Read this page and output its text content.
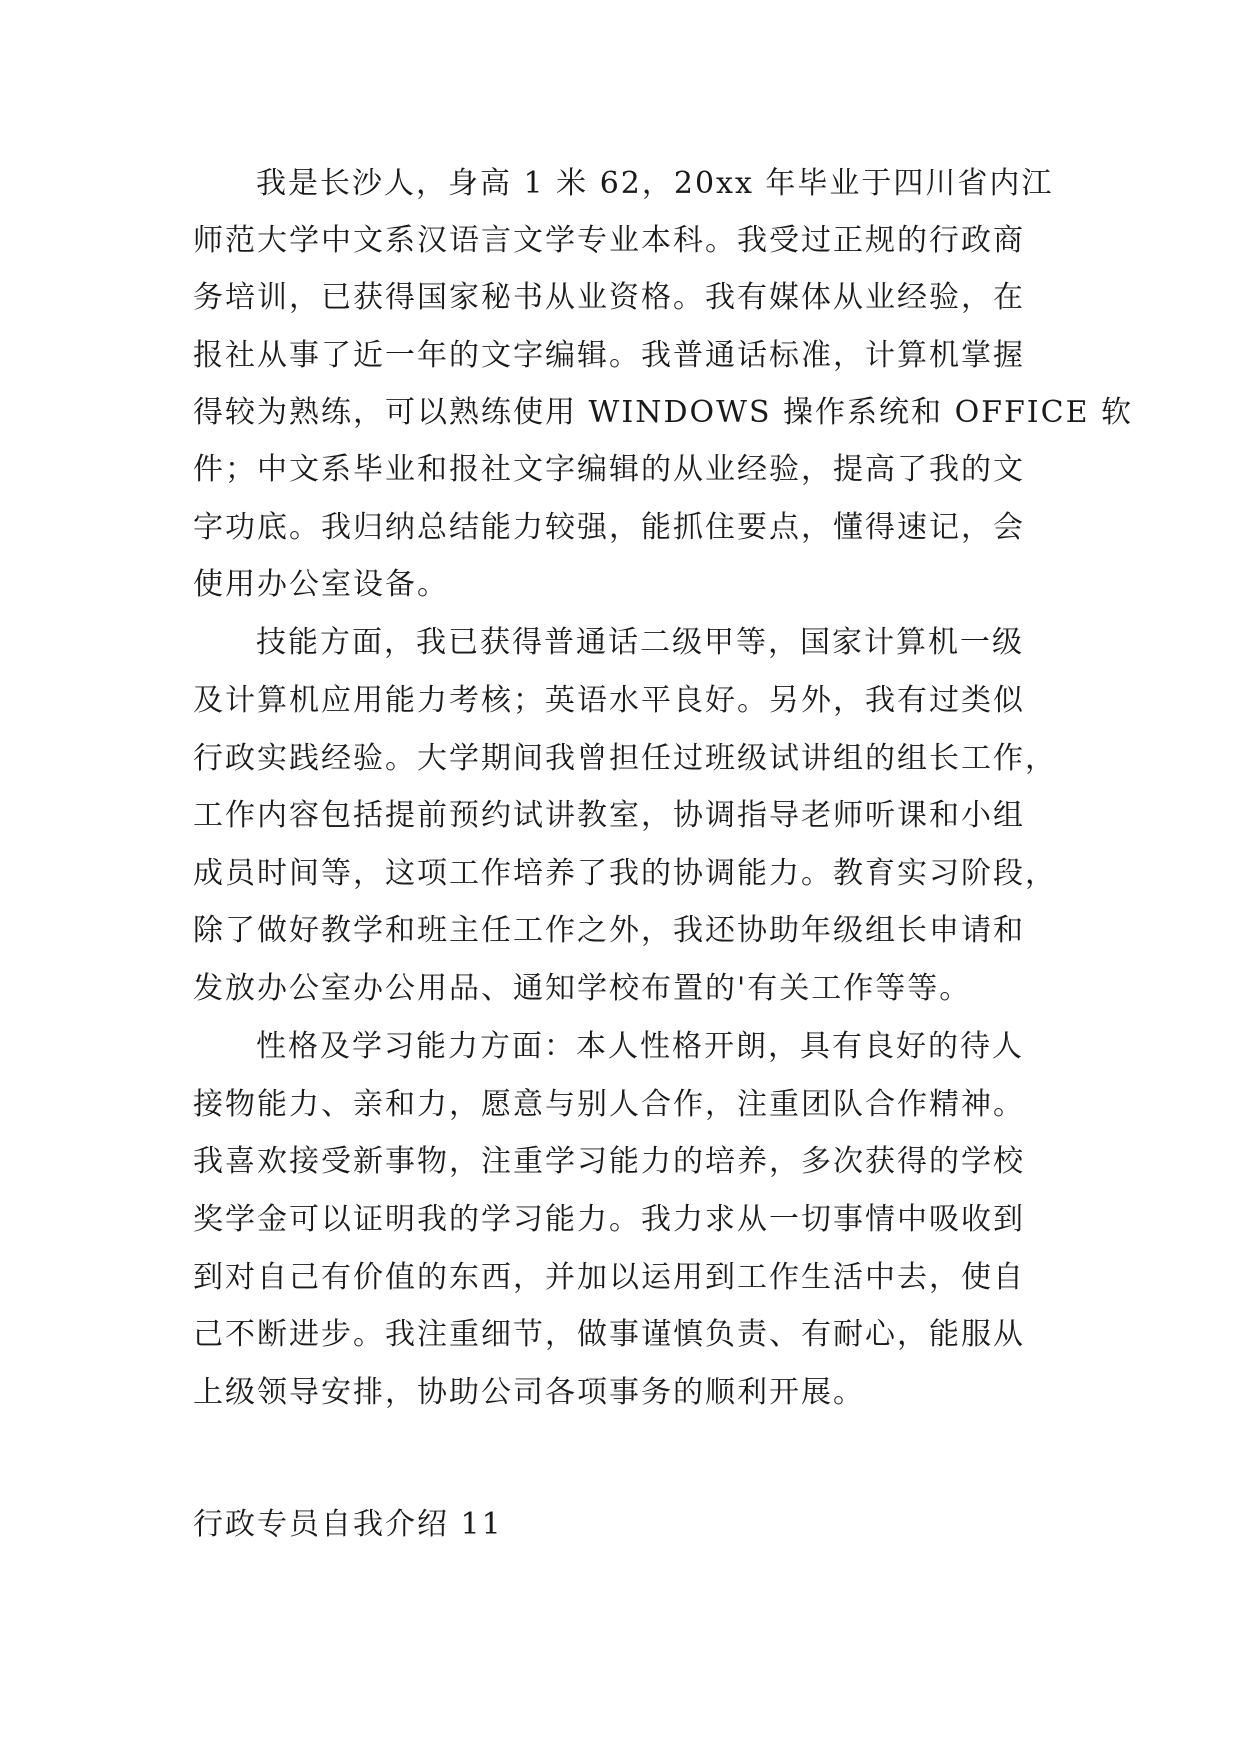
我是长沙人，身高 1 米 62，20xx 年毕业于四川省内江
师范大学中文系汉语言文学专业本科。我受过正规的行政商
务培训，已获得国家秘书从业资格。我有媒体从业经验，在
报社从事了近一年的文字编辑。我普通话标准，计算机掌握
得较为熟练，可以熟练使用 WINDOWS 操作系统和 OFFICE 软
件；中文系毕业和报社文字编辑的从业经验，提高了我的文
字功底。我归纳总结能力较强，能抓住要点，懂得速记，会
使用办公室设备。
技能方面，我已获得普通话二级甲等，国家计算机一级
及计算机应用能力考核；英语水平良好。另外，我有过类似
行政实践经验。大学期间我曾担任过班级试讲组的组长工作，
工作内容包括提前预约试讲教室，协调指导老师听课和小组
成员时间等，这项工作培养了我的协调能力。教育实习阶段，
除了做好教学和班主任工作之外，我还协助年级组长申请和
发放办公室办公用品、通知学校布置的'有关工作等等。
性格及学习能力方面：本人性格开朗，具有良好的待人
接物能力、亲和力，愿意与别人合作，注重团队合作精神。
我喜欢接受新事物，注重学习能力的培养，多次获得的学校
奖学金可以证明我的学习能力。我力求从一切事情中吸收到
到对自己有价值的东西，并加以运用到工作生活中去，使自
己不断进步。我注重细节，做事谨慎负责、有耐心，能服从
上级领导安排，协助公司各项事务的顺利开展。
行政专员自我介绍 11
